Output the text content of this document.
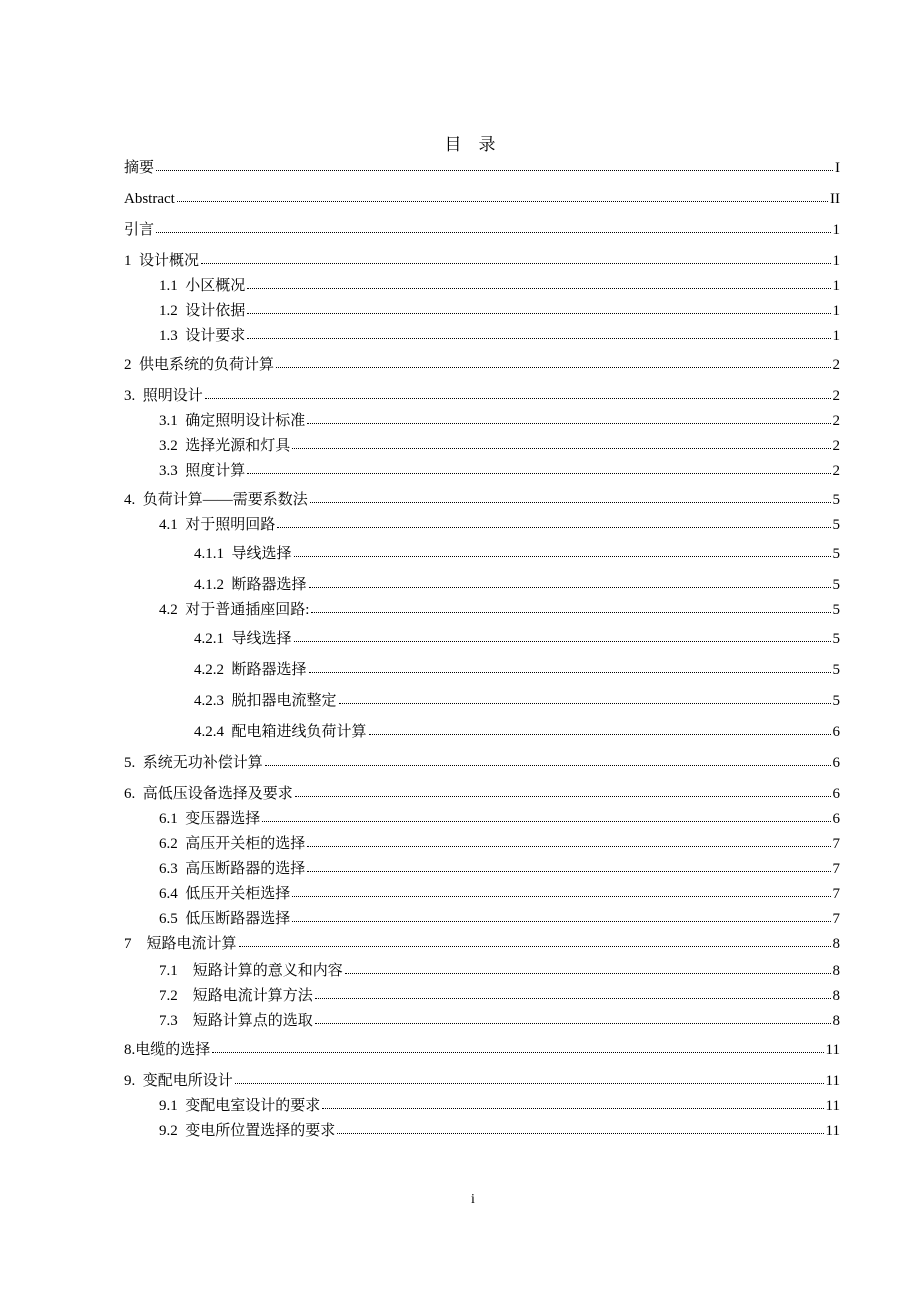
目    录
摘要	I
Abstract	II
引言	1
1 设计概况	1
1.1 小区概况	1
1.2 设计依据	1
1.3 设计要求	1
2 供电系统的负荷计算	2
3. 照明设计	2
3.1 确定照明设计标准	2
3.2 选择光源和灯具	2
3.3 照度计算	2
4. 负荷计算——需要系数法	5
4.1 对于照明回路	5
4.1.1 导线选择	5
4.1.2 断路器选择	5
4.2 对于普通插座回路:	5
4.2.1 导线选择	5
4.2.2 断路器选择	5
4.2.3 脱扣器电流整定	5
4.2.4 配电箱进线负荷计算	6
5. 系统无功补偿计算	6
6. 高低压设备选择及要求	6
6.1 变压器选择	6
6.2 高压开关柜的选择	7
6.3 高压断路器的选择	7
6.4 低压开关柜选择	7
6.5 低压断路器选择	7
7 短路电流计算	8
7.1 短路计算的意义和内容	8
7.2 短路电流计算方法	8
7.3 短路计算点的选取	8
8.电缆的选择	11
9. 变配电所设计	11
9.1 变配电室设计的要求	11
9.2 变电所位置选择的要求	11
i
